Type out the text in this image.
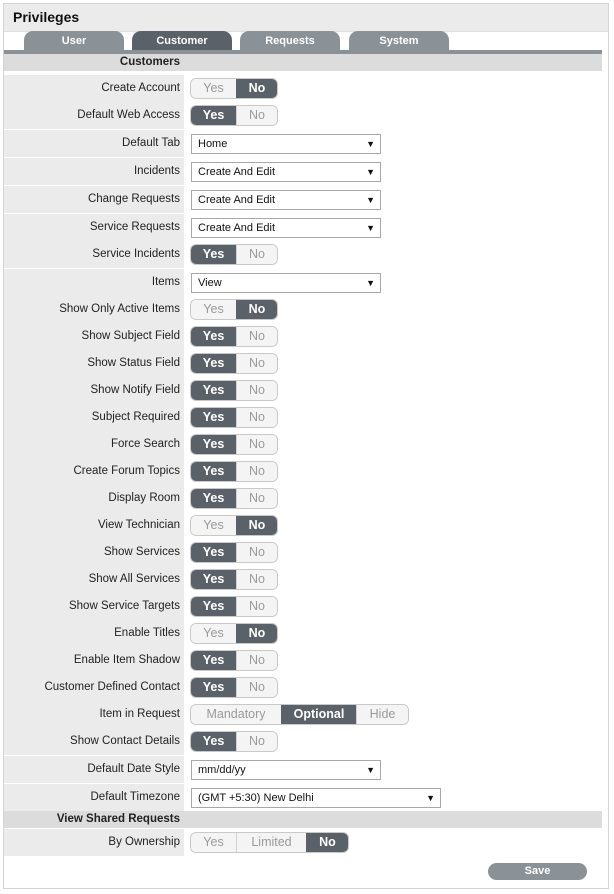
Privileges
User	Customer	Requests	System
Customers
Create Account	Yes	No
Default Web Access	Yes	No
Default Tab	Home	▼
Incidents	Create And Edit	▼
Change Requests	Create And Edit	▼
Service Requests	Create And Edit	▼
Service Incidents	Yes	No
Items	View	▼
Show Only Active Items	Yes	No
Show Subject Field	Yes	No
Show Status Field	Yes	No
Show Notify Field	Yes	No
Subject Required	Yes	No
Force Search	Yes	No
Create Forum Topics	Yes	No
Display Room	Yes	No
View Technician	Yes	No
Show Services	Yes	No
Show All Services	Yes	No
Show Service Targets	Yes	No
Enable Titles	Yes	No
Enable Item Shadow	Yes	No
Customer Defined Contact	Yes	No
Item in Request	Mandatory	Optional	Hide
Show Contact Details	Yes	No
Default Date Style	mm/dd/yy	▼
Default Timezone	(GMT +5:30) New Delhi	▼
View Shared Requests
By Ownership	Yes	Limited	No
Save
